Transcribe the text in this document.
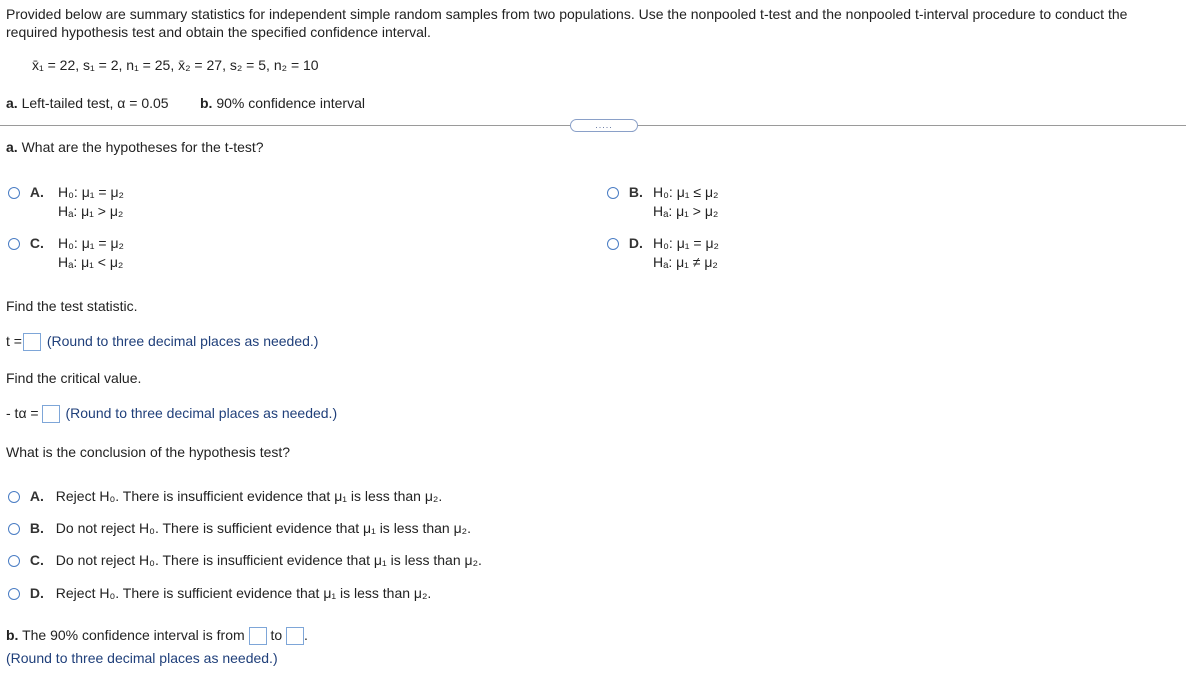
Provided below are summary statistics for independent simple random samples from two populations. Use the nonpooled t-test and the nonpooled t-interval procedure to conduct the required hypothesis test and obtain the specified confidence interval.
x̄₁ = 22, s₁ = 2, n₁ = 25, x̄₂ = 27, s₂ = 5, n₂ = 10
a. Left-tailed test, α = 0.05 b. 90% confidence interval
.....
a. What are the hypotheses for the t-test?
A. H₀: μ₁ = μ₂
Hₐ: μ₁ > μ₂
B. H₀: μ₁ ≤ μ₂
Hₐ: μ₁ > μ₂
C. H₀: μ₁ = μ₂
Hₐ: μ₁ < μ₂
D. H₀: μ₁ = μ₂
Hₐ: μ₁ ≠ μ₂
Find the test statistic.
t = (Round to three decimal places as needed.)
Find the critical value.
- tα = (Round to three decimal places as needed.)
What is the conclusion of the hypothesis test?
A. Reject H₀. There is insufficient evidence that μ₁ is less than μ₂.
B. Do not reject H₀. There is sufficient evidence that μ₁ is less than μ₂.
C. Do not reject H₀. There is insufficient evidence that μ₁ is less than μ₂.
D. Reject H₀. There is sufficient evidence that μ₁ is less than μ₂.
b. The 90% confidence interval is from to .
(Round to three decimal places as needed.)
